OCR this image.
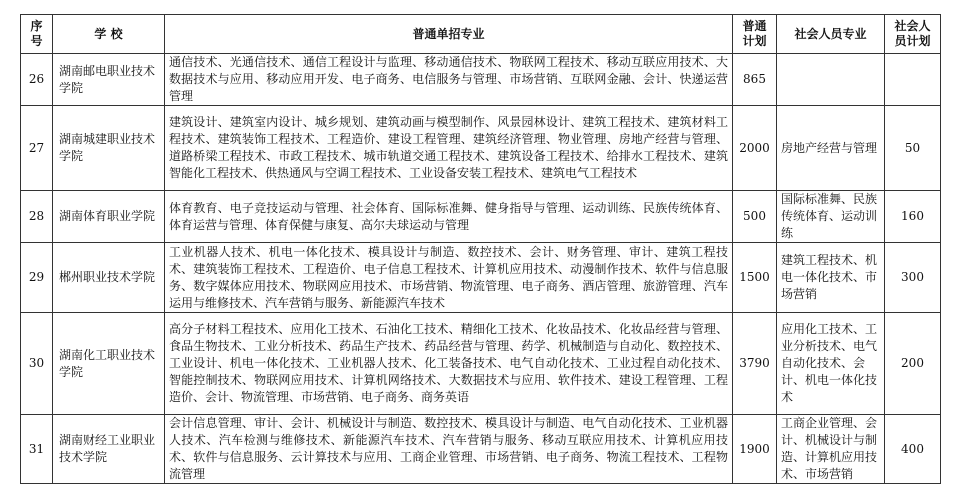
序号	学 校	普通单招专业	普通计划	社会人员专业	社会人员计划
26	湖南邮电职业技术学院	通信技术、光通信技术、通信工程设计与监理、移动通信技术、物联网工程技术、移动互联应用技术、大数据技术与应用、移动应用开发、电子商务、电信服务与管理、市场营销、互联网金融、会计、快递运营管理	865		
27	湖南城建职业技术学院	建筑设计、建筑室内设计、城乡规划、建筑动画与模型制作、风景园林设计、建筑工程技术、建筑材料工程技术、建筑装饰工程技术、工程造价、建设工程管理、建筑经济管理、物业管理、房地产经营与管理、道路桥梁工程技术、市政工程技术、城市轨道交通工程技术、建筑设备工程技术、给排水工程技术、建筑智能化工程技术、供热通风与空调工程技术、工业设备安装工程技术、建筑电气工程技术	2000	房地产经营与管理	50
28	湖南体育职业学院	体育教育、电子竞技运动与管理、社会体育、国际标准舞、健身指导与管理、运动训练、民族传统体育、体育运营与管理、体育保健与康复、高尔夫球运动与管理	500	国际标准舞、民族传统体育、运动训练	160
29	郴州职业技术学院	工业机器人技术、机电一体化技术、模具设计与制造、数控技术、会计、财务管理、审计、建筑工程技术、建筑装饰工程技术、工程造价、电子信息工程技术、计算机应用技术、动漫制作技术、软件与信息服务、数字媒体应用技术、物联网应用技术、市场营销、物流管理、电子商务、酒店管理、旅游管理、汽车运用与维修技术、汽车营销与服务、新能源汽车技术	1500	建筑工程技术、机电一体化技术、市场营销	300
30	湖南化工职业技术学院	高分子材料工程技术、应用化工技术、石油化工技术、精细化工技术、化妆品技术、化妆品经营与管理、食品生物技术、工业分析技术、药品生产技术、药品经营与管理、药学、机械制造与自动化、数控技术、工业设计、机电一体化技术、工业机器人技术、化工装备技术、电气自动化技术、工业过程自动化技术、智能控制技术、物联网应用技术、计算机网络技术、大数据技术与应用、软件技术、建设工程管理、工程造价、会计、物流管理、市场营销、电子商务、商务英语	3790	应用化工技术、工业分析技术、电气自动化技术、会计、机电一体化技术	200
31	湖南财经工业职业技术学院	会计信息管理、审计、会计、机械设计与制造、数控技术、模具设计与制造、电气自动化技术、工业机器人技术、汽车检测与维修技术、新能源汽车技术、汽车营销与服务、移动互联应用技术、计算机应用技术、软件与信息服务、云计算技术与应用、工商企业管理、市场营销、电子商务、物流工程技术、工程物流管理	1900	工商企业管理、会计、机械设计与制造、计算机应用技术、市场营销	400
